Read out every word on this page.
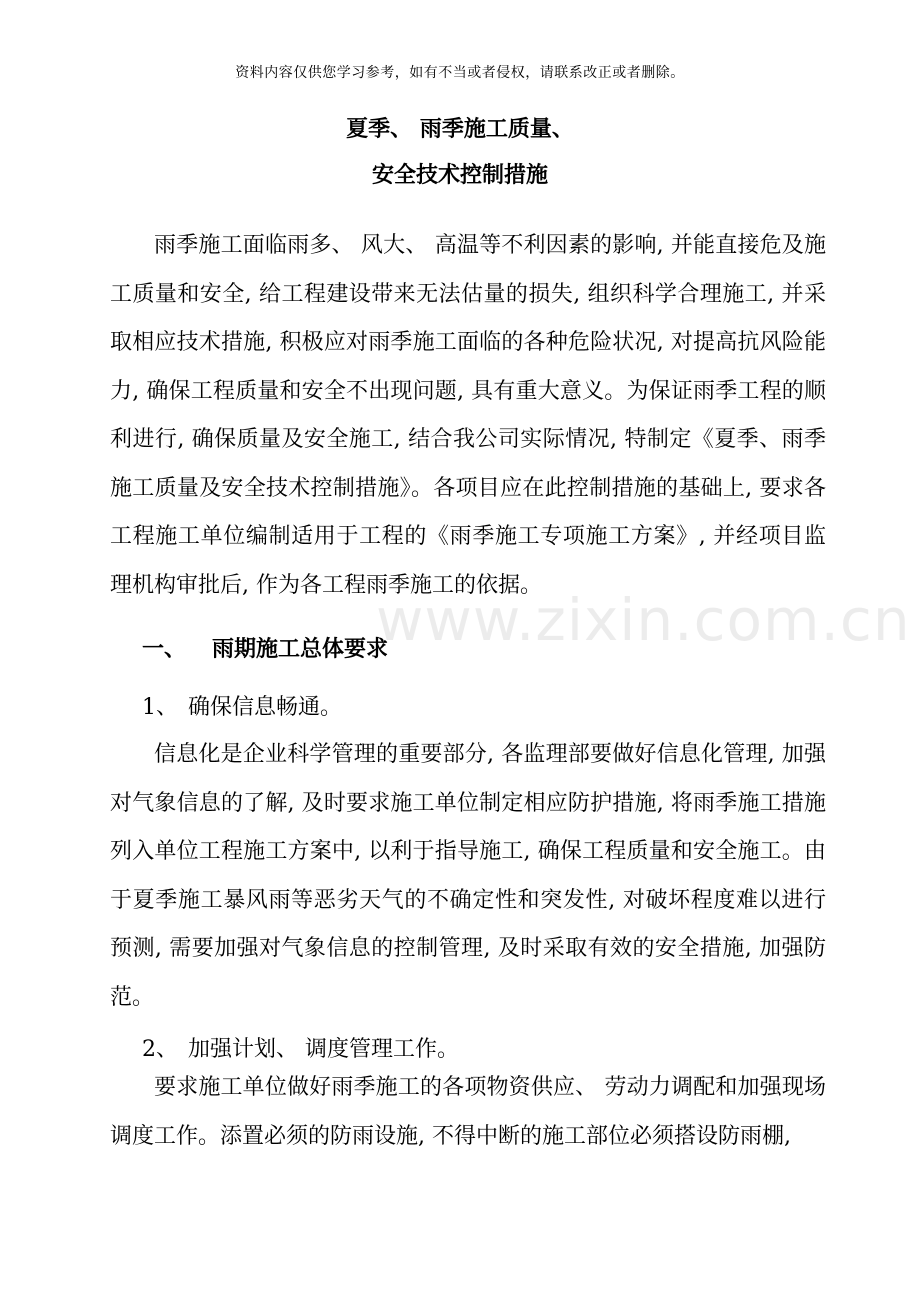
www.zixin.com.cn
资料内容仅供您学习参考，如有不当或者侵权，请联系改正或者删除。
夏季、 雨季施工质量、
安全技术控制措施
雨季施工面临雨多、 风大、 高温等不利因素的影响, 并能直接危及施工质量和安全, 给工程建设带来无法估量的损失, 组织科学合理施工, 并采取相应技术措施, 积极应对雨季施工面临的各种危险状况, 对提高抗风险能力, 确保工程质量和安全不出现问题, 具有重大意义。为保证雨季工程的顺利进行, 确保质量及安全施工, 结合我公司实际情况, 特制定《夏季、雨季施工质量及安全技术控制措施》。各项目应在此控制措施的基础上, 要求各工程施工单位编制适用于工程的《雨季施工专项施工方案》, 并经项目监理机构审批后, 作为各工程雨季施工的依据。
一、 雨期施工总体要求
1、 确保信息畅通。
信息化是企业科学管理的重要部分, 各监理部要做好信息化管理, 加强对气象信息的了解, 及时要求施工单位制定相应防护措施, 将雨季施工措施列入单位工程施工方案中, 以利于指导施工, 确保工程质量和安全施工。由于夏季施工暴风雨等恶劣天气的不确定性和突发性, 对破坏程度难以进行预测, 需要加强对气象信息的控制管理, 及时采取有效的安全措施, 加强防范。
2、 加强计划、 调度管理工作。
要求施工单位做好雨季施工的各项物资供应、 劳动力调配和加强现场调度工作。添置必须的防雨设施, 不得中断的施工部位必须搭设防雨棚,
